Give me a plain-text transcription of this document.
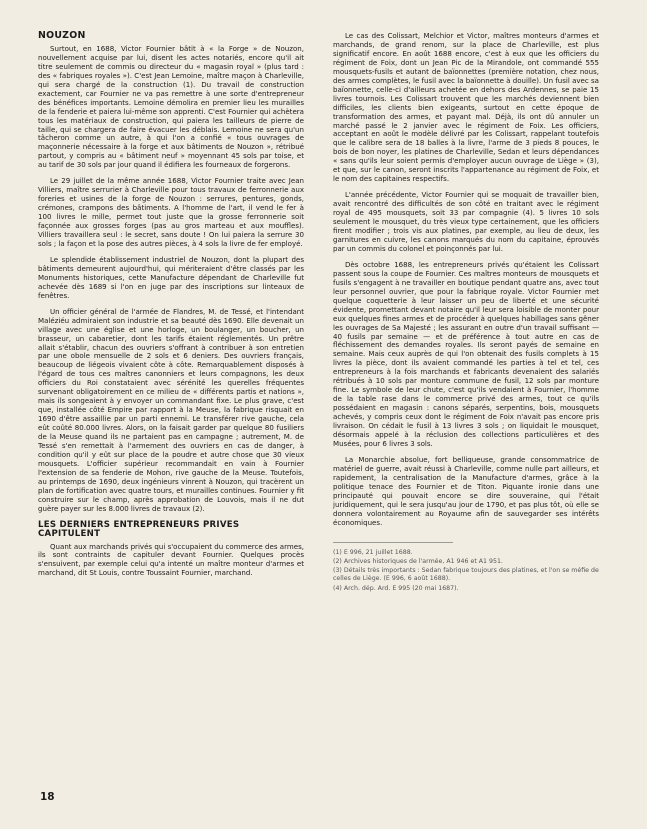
NOUZON

Surtout, en 1688, Victor Fournier bâtit à « la Forge » de Nouzon, nouvellement acquise par lui, disent les actes notariés, encore qu'il ait titre seulement de commis ou directeur du « magasin royal » (plus tard : des « fabriques royales »). C'est Jean Lemoine, maître maçon à Charleville, qui sera chargé de la construction (1). Du travail de construction exactement, car Fournier ne va pas remettre à une sorte d'entrepreneur des bénéfices importants. Lemoine démolira en premier lieu les murailles de la fenderie et paiera lui-même son apprenti. C'est Fournier qui achètera tous les matériaux de construction, qui paiera les tailleurs de pierre de taille, qui se chargera de faire évacuer les déblais. Lemoine ne sera qu'un tâcheron comme un autre, à qui l'on a confié « tous ouvrages de maçonnerie nécessaire à la forge et aux bâtiments de Nouzon », rétribué partout, y compris au « bâtiment neuf » moyennant 45 sols par toise, et au tarif de 30 sols par jour quand il édifiera les fourneaux de forgerons.

Le 29 juillet de la même année 1688, Victor Fournier traite avec Jean Villiers, maître serrurier à Charleville pour tous travaux de ferronnerie aux foreries et usines de la forge de Nouzon : serrures, pentures, gonds, crémones, crampons des bâtiments. A l'homme de l'art, il vend le fer à 100 livres le mille, permet tout juste que la grosse ferronnerie soit façonnée aux grosses forges (pas au gros marteau et aux mouffles). Villiers travaillera seul : le secret, sans doute ! On lui paiera la serrure 30 sols ; la façon et la pose des autres pièces, à 4 sols la livre de fer employé.

Le splendide établissement industriel de Nouzon, dont la plupart des bâtiments demeurent aujourd'hui, qui mériteraient d'être classés par les Monuments historiques, cette Manufacture dépendant de Charleville fut achevée dès 1689 si l'on en juge par des inscriptions sur linteaux de fenêtres.

Un officier général de l'armée de Flandres, M. de Tessé, et l'intendant Maléziéu admiraient son industrie et sa beauté dès 1690. Elle devenait un village avec une église et une horloge, un boulanger, un boucher, un brasseur, un cabaretier, dont les tarifs étaient réglementés. Un prêtre allait s'établir, chacun des ouvriers s'offrant à contribuer à son entretien par une obole mensuelle de 2 sols et 6 deniers. Des ouvriers français, beaucoup de liégeois vivaient côte à côte. Remarquablement disposés à l'égard de tous ces maîtres canonniers et leurs compagnons, les deux officiers du Roi constataient avec sérénité les querelles fréquentes survenant obligatoirement en ce milieu de « différents partis et nations », mais ils songeaient à y envoyer un commandant fixe. Le plus grave, c'est que, installée côté Empire par rapport à la Meuse, la fabrique risquait en 1690 d'être assaillie par un parti ennemi. Le transférer rive gauche, cela eût coûté 80.000 livres. Alors, on la faisait garder par quelque 80 fusiliers de la Meuse quand ils ne partaient pas en campagne ; autrement, M. de Tessé s'en remettait à l'armement des ouvriers en cas de danger, à condition qu'il y eût sur place de la poudre et autre chose que 30 vieux mousquets. L'officier supérieur recommandait en vain à Fournier l'extension de sa fenderie de Mohon, rive gauche de la Meuse. Toutefois, au printemps de 1690, deux ingénieurs vinrent à Nouzon, qui tracèrent un plan de fortification avec quatre tours, et murailles continues. Fournier y fit construire sur le champ, après approbation de Louvois, mais il ne dut guère payer sur les 8.000 livres de travaux (2).

LES DERNIERS ENTREPRENEURS PRIVES CAPITULENT

Quant aux marchands privés qui s'occupaient du commerce des armes, ils sont contraints de capituler devant Fournier. Quelques procès s'ensuivent, par exemple celui qu'a intenté un maître monteur d'armes et marchand, dit St Louis, contre Toussaint Fournier, marchand.

Le cas des Colissart, Melchior et Victor, maîtres monteurs d'armes et marchands, de grand renom, sur la place de Charleville, est plus significatif encore. En août 1688 encore, c'est à eux que les officiers du régiment de Foix, dont un Jean Pic de la Mirandole, ont commandé 555 mousquets-fusils et autant de baïonnettes (première notation, chez nous, des armes complètes, le fusil avec la baïonnette à douille). Un fusil avec sa baïonnette, celle-ci d'ailleurs achetée en dehors des Ardennes, se paie 15 livres tournois. Les Colissart trouvent que les marchés deviennent bien difficiles, les clients bien exigeants, surtout en cette époque de transformation des armes, et payant mal. Déjà, ils ont dû annuler un marché passé le 2 janvier avec le régiment de Foix. Les officiers, acceptant en août le modèle délivré par les Colissart, rappelant toutefois que le calibre sera de 18 balles à la livre, l'arme de 3 pieds 8 pouces, le bois de bon noyer, les platines de Charleville, Sedan et leurs dépendances « sans qu'ils leur soient permis d'employer aucun ouvrage de Liège » (3), et que, sur le canon, seront inscrits l'appartenance au régiment de Foix, et le nom des capitaines respectifs.

L'année précédente, Victor Fournier qui se moquait de travailler bien, avait rencontré des difficultés de son côté en traitant avec le régiment royal de 495 mousquets, soit 33 par compagnie (4). 5 livres 10 sols seulement le mousquet, du très vieux type certainement, que les officiers firent modifier ; trois vis aux platines, par exemple, au lieu de deux, les garnitures en cuivre, les canons marqués du nom du capitaine, éprouvés par un commis du colonel et poinçonnés par lui.

Dès octobre 1688, les entrepreneurs privés qu'étaient les Colissart passent sous la coupe de Fournier. Ces maîtres monteurs de mousquets et fusils s'engagent à ne travailler en boutique pendant quatre ans, avec tout leur personnel ouvrier, que pour la fabrique royale. Victor Fournier met quelque coquetterie à leur laisser un peu de liberté et une sécurité évidente, promettant devant notaire qu'il leur sera loisible de monter pour eux quelques fines armes et de procéder à quelques habillages sans gêner les ouvrages de Sa Majesté ; les assurant en outre d'un travail suffisant — 40 fusils par semaine — et de préférence à tout autre en cas de fléchissement des demandes royales. Ils seront payés de semaine en semaine. Mais ceux auprès de qui l'on obtenait des fusils complets à 15 livres la pièce, dont ils avaient commandé les parties à tel et tel, ces entrepreneurs à la fois marchands et fabricants devenaient des salariés rétribués à 10 sols par monture commune de fusil, 12 sols par monture fine. Le symbole de leur chute, c'est qu'ils vendaient à Fournier, l'homme de la table rase dans le commerce privé des armes, tout ce qu'ils possédaient en magasin : canons séparés, serpentins, bois, mousquets achevés, y compris ceux dont le régiment de Foix n'avait pas encore pris livraison. On cédait le fusil à 13 livres 3 sols ; on liquidait le mousquet, désormais appelé à la réclusion des collections particulières et des Musées, pour 6 livres 3 sols.

La Monarchie absolue, fort belliqueuse, grande consommatrice de matériel de guerre, avait réussi à Charleville, comme nulle part ailleurs, et rapidement, la centralisation de la Manufacture d'armes, grâce à la politique tenace des Fournier et de Titon. Piquante ironie dans une principauté qui pouvait encore se dire souveraine, qui l'était juridiquement, qui le sera jusqu'au jour de 1790, et pas plus tôt, où elle se donnera volontairement au Royaume afin de sauvegarder ses intérêts économiques.

(1) E 996, 21 juillet 1688.
(2) Archives historiques de l'armée, A1 946 et A1 951.
(3) Détails très importants : Sedan fabrique toujours des platines, et l'on se méfie de celles de Liège. (E 996, 6 août 1688).
(4) Arch. dép. Ard. E 995 (20 mai 1687).
18
